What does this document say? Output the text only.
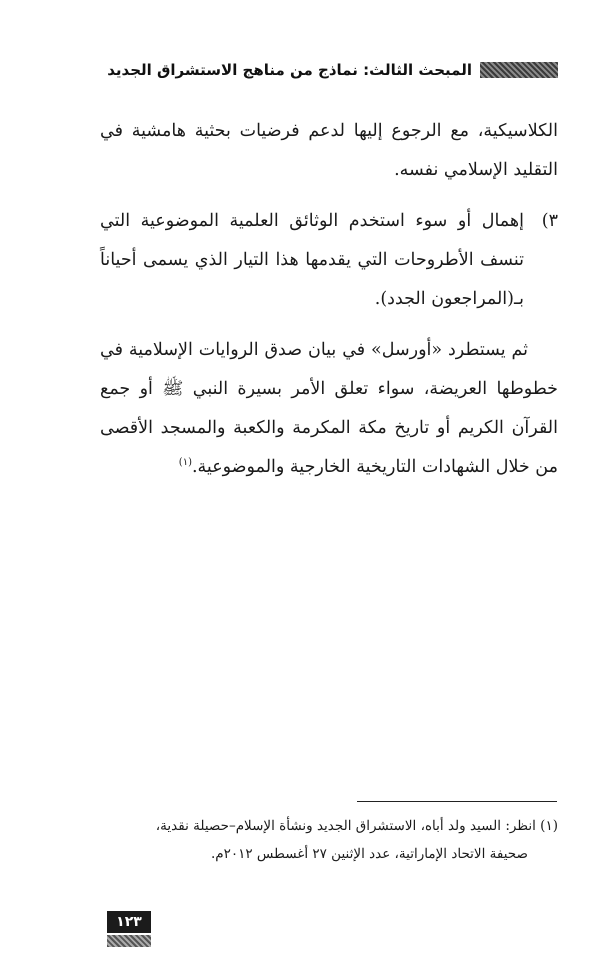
المبحث الثالث: نماذج من مناهج الاستشراق الجديد

الكلاسيكية، مع الرجوع إليها لدعم فرضيات بحثية هامشية في التقليد الإسلامي نفسه.

٣)
إهمال أو سوء استخدم الوثائق العلمية الموضوعية التي تنسف الأطروحات التي يقدمها هذا التيار الذي يسمى أحياناً بـ(المراجعون الجدد).

ثم يستطرد «أورسل» في بيان صدق الروايات الإسلامية في خطوطها العريضة، سواء تعلق الأمر بسيرة النبي ﷺ أو جمع القرآن الكريم أو تاريخ مكة المكرمة والكعبة والمسجد الأقصى من خلال الشهادات التاريخية الخارجية والموضوعية.$^{(١)}$

(١) انظر: السيد ولد أباه، الاستشراق الجديد ونشأة الإسلام–حصيلة نقدية،
صحيفة الاتحاد الإماراتية، عدد الإثنين ٢٧ أغسطس ٢٠١٢م.
١٢٣
